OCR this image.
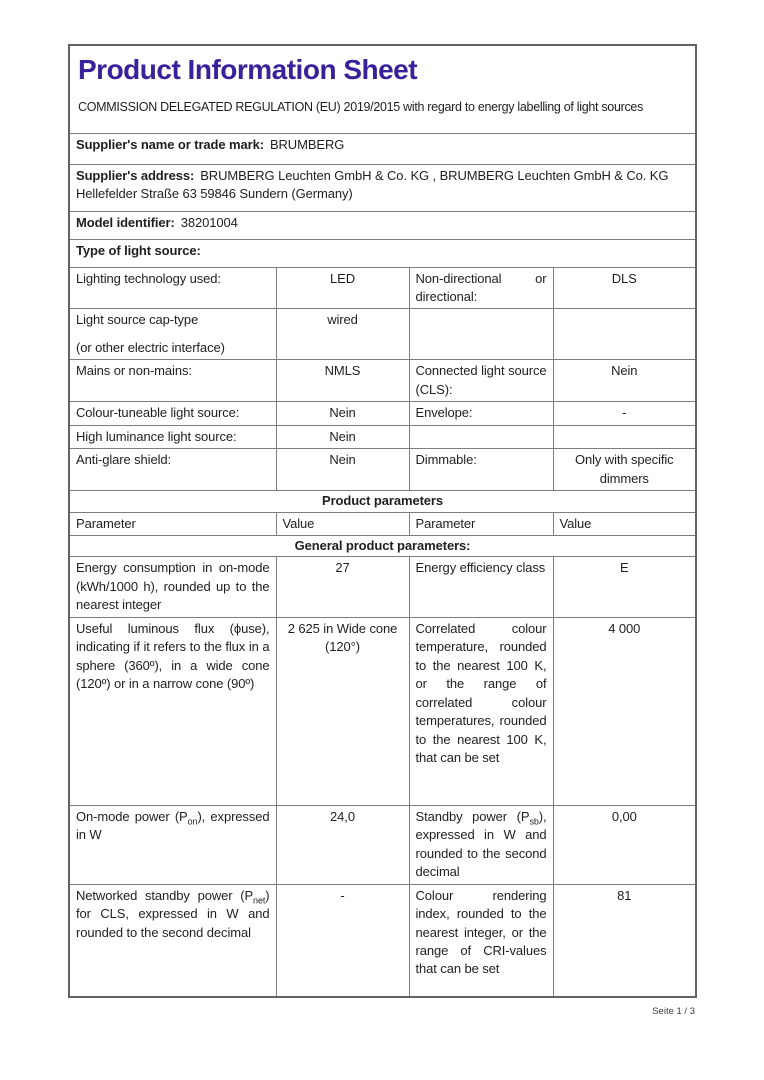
Product Information Sheet
COMMISSION DELEGATED REGULATION (EU) 2019/2015 with regard to energy labelling of light sources

Supplier's name or trade mark: BRUMBERG			
Supplier's address: BRUMBERG Leuchten GmbH & Co. KG , BRUMBERG Leuchten GmbH & Co. KG Hellefelder Straße 63 59846 Sundern (Germany)			
Model identifier: 38201004			
Type of light source:			
Lighting technology used:	LED	Non-directional or directional:	DLS

Light source cap-type
(or other electric interface)	wired		
Mains or non-mains:	NMLS	Connected light source (CLS):	Nein
Colour-tuneable light source:	Nein	Envelope:	-
High luminance light source:	Nein		
Anti-glare shield:	Nein	Dimmable:	Only with specific dimmers
Product parameters			
Parameter	Value	Parameter	Value
General product parameters:			
Energy consumption in on-mode (kWh/1000 h), rounded up to the nearest integer	27	Energy efficiency class	E
Useful luminous flux (ϕuse), indicating if it refers to the flux in a sphere (360º), in a wide cone (120º) or in a narrow cone (90º)	2 625 in Wide cone (120°)	Correlated colour temperature, rounded to the nearest 100 K, or the range of correlated colour temperatures, rounded to the nearest 100 K, that can be set	4 000
On-mode power $(P_{on})$, expressed in W	24,0	Standby power $(P_{sb})$, expressed in W and rounded to the second decimal	0,00
Networked standby power $(P_{net})$ for CLS, expressed in W and rounded to the second decimal	-	Colour rendering index, rounded to the nearest integer, or the range of CRI-values that can be set	81
Seite 1 / 3
